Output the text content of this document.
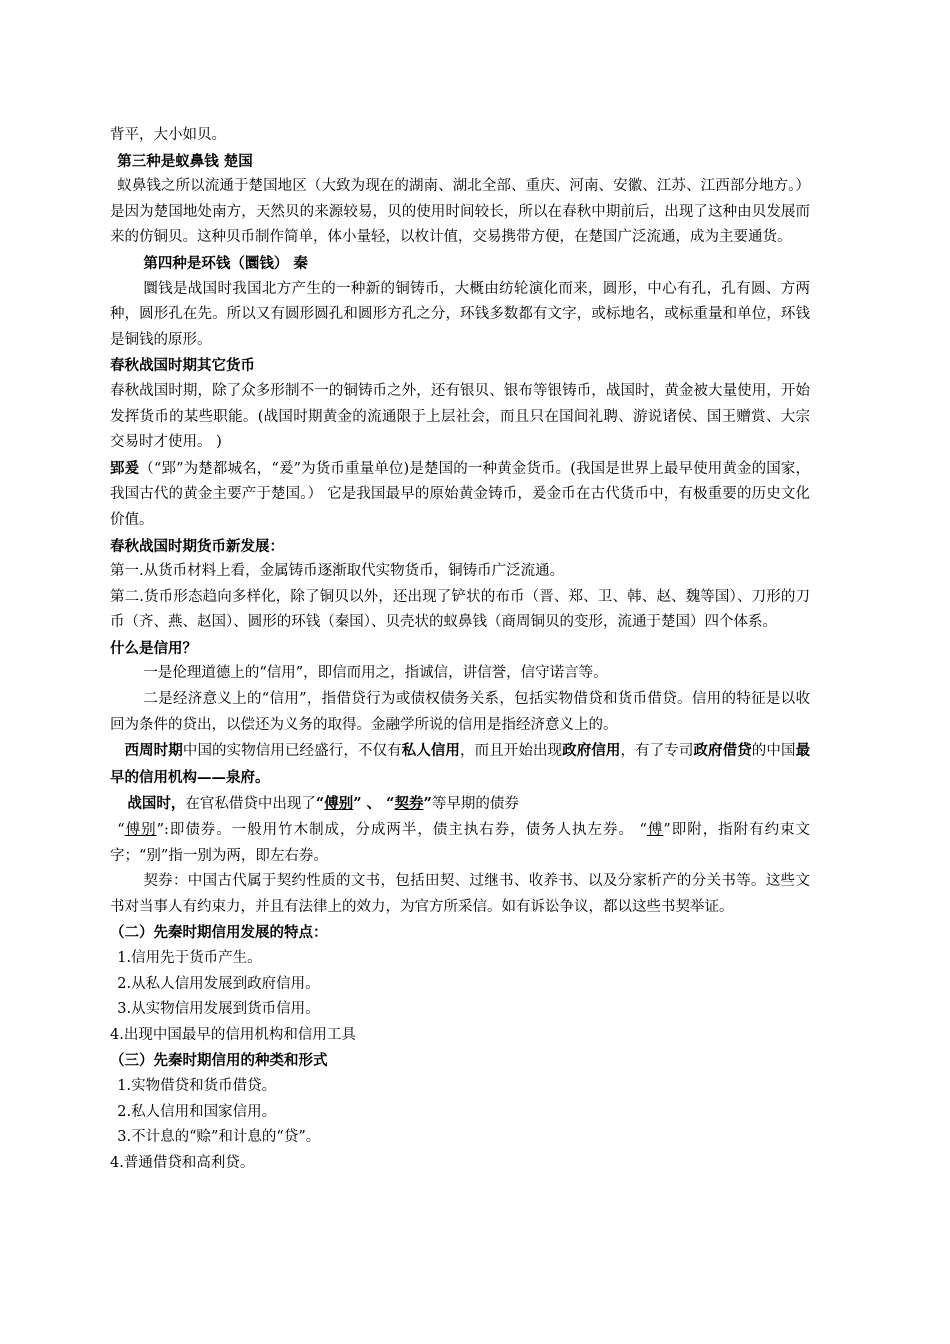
背平，大小如贝。

第三种是蚁鼻钱 楚国

蚁鼻钱之所以流通于楚国地区（大致为现在的湖南、湖北全部、重庆、河南、安徽、江苏、江西部分地方。）是因为楚国地处南方，天然贝的来源较易，贝的使用时间较长，所以在春秋中期前后，出现了这种由贝发展而来的仿铜贝。这种贝币制作简单，体小量轻，以枚计值，交易携带方便，在楚国广泛流通，成为主要通货。

第四种是环钱（圜钱） 秦

圜钱是战国时我国北方产生的一种新的铜铸币，大概由纺轮演化而来，圆形，中心有孔，孔有圆、方两种，圆形孔在先。所以又有圆形圆孔和圆形方孔之分，环钱多数都有文字，或标地名，或标重量和单位，环钱是铜钱的原形。

春秋战国时期其它货币

春秋战国时期，除了众多形制不一的铜铸币之外，还有银贝、银布等银铸币，战国时，黄金被大量使用，开始发挥货币的某些职能。(战国时期黄金的流通限于上层社会，而且只在国间礼聘、游说诸侯、国王赠赏、大宗交易时才使用。 )

郢爰（“郢”为楚都城名，“爰”为货币重量单位)是楚国的一种黄金货币。(我国是世界上最早使用黄金的国家，我国古代的黄金主要产于楚国。） 它是我国最早的原始黄金铸币，爰金币在古代货币中，有极重要的历史文化价值。

春秋战国时期货币新发展：

第一.从货币材料上看，金属铸币逐渐取代实物货币，铜铸币广泛流通。

第二.货币形态趋向多样化，除了铜贝以外，还出现了铲状的布币（晋、郑、卫、韩、赵、魏等国）、刀形的刀币（齐、燕、赵国）、圆形的环钱（秦国）、贝壳状的蚁鼻钱（商周铜贝的变形，流通于楚国）四个体系。

什么是信用？

一是伦理道德上的“信用”，即信而用之，指诚信，讲信誉，信守诺言等。

二是经济意义上的“信用”，指借贷行为或债权债务关系，包括实物借贷和货币借贷。信用的特征是以收回为条件的贷出，以偿还为义务的取得。金融学所说的信用是指经济意义上的。

西周时期中国的实物信用已经盛行，不仅有私人信用，而且开始出现政府信用，有了专司政府借贷的中国最早的信用机构——泉府。

战国时，在官私借贷中出现了“傅别” 、 “契券”等早期的债券

“傅别”:即债券。一般用竹木制成，分成两半，债主执右券，债务人执左券。 “傅”即附，指附有约束文字；“别”指一别为两，即左右券。

契券：中国古代属于契约性质的文书，包括田契、过继书、收养书、以及分家析产的分关书等。这些文书对当事人有约束力，并且有法律上的效力，为官方所采信。如有诉讼争议，都以这些书契举证。

（二）先秦时期信用发展的特点：

1.信用先于货币产生。

2.从私人信用发展到政府信用。

3.从实物信用发展到货币信用。

4.出现中国最早的信用机构和信用工具

（三）先秦时期信用的种类和形式

1.实物借贷和货币借贷。

2.私人信用和国家信用。

3.不计息的“赊”和计息的“贷”。

4.普通借贷和高利贷。
